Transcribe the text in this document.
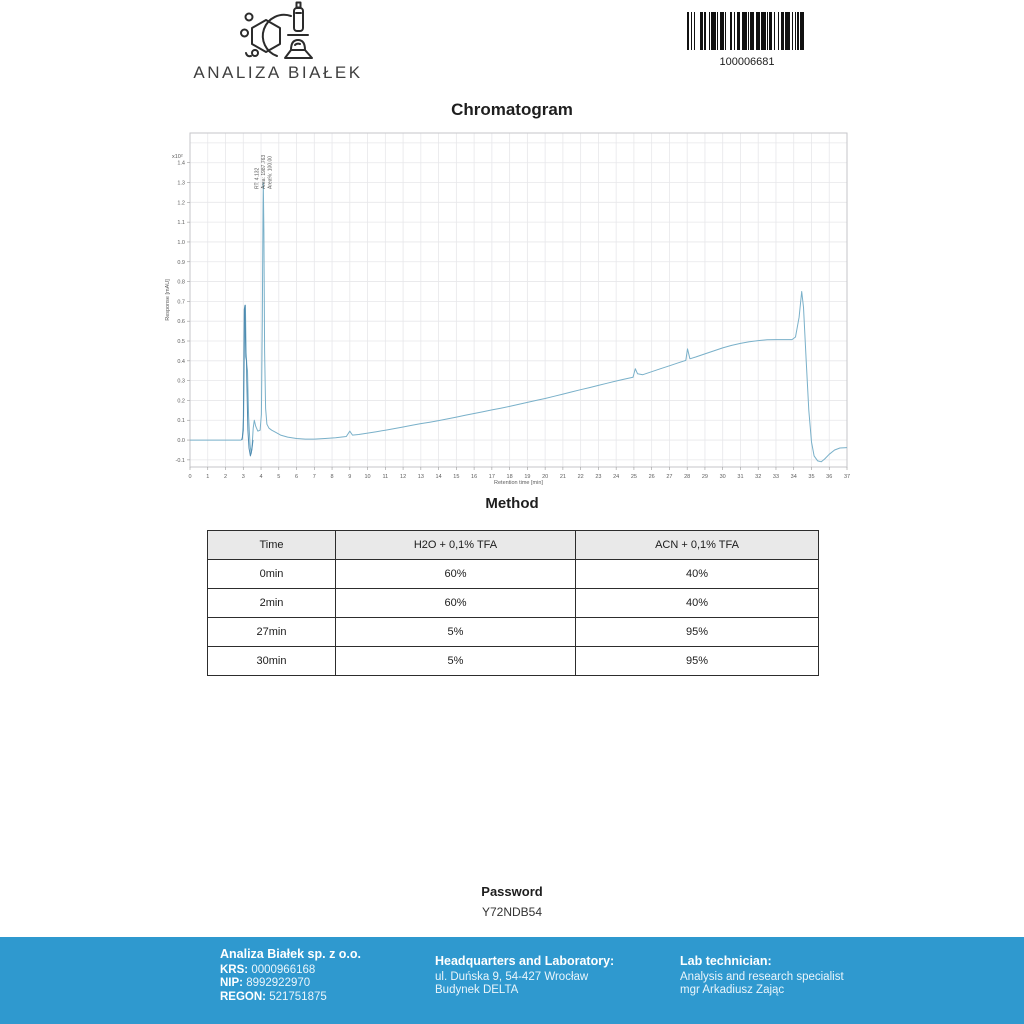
ANALIZA BIAŁEK
100006681
Chromatogram
0	1	2	3	4	5	6	7	8	9 10 11 12 13 14 15 16 17 18 19 20 21 22 23 24 25 26 27 28 29 30 31 32 33 34 35 36 37
-0.1
0.0
0.1
0.2
0.3
0.4
0.5
0.6
0.7
0.8
0.9
1.0
1.1
1.2
1.3
1.4
x10²
Retention time [min]
Response [mAU]
RT: 4.132 Area: 1987.763 Area%: 100.00
Method
Time	H2O + 0,1% TFA	ACN + 0,1% TFA
0min	60%	40%
2min	60%	40%
27min	5%	95%
30min	5%	95%
Password
Y72NDB54
Analiza Białek sp. z o.o.
KRS: 0000966168
NIP: 8992922970
REGON: 521751875
Headquarters and Laboratory:
ul. Duńska 9, 54-427 Wrocław
Budynek DELTA
Lab technician:
Analysis and research specialist
mgr Arkadiusz Zając
